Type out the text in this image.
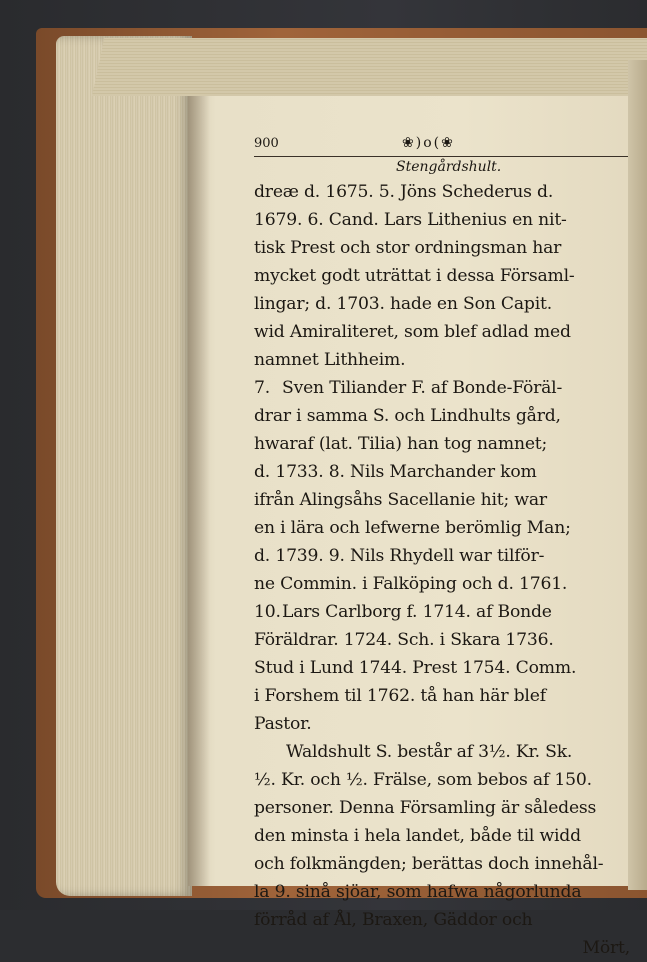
900	❀)o(❀
Stengårdshult.
dreæ d. 1675. 5. Jöns Schederus d.
1679. 6. Cand. Lars Lithenius en nit-
tisk Prest och stor ordningsman har
mycket godt uträttat i dessa Församl-
lingar; d. 1703. hade en Son Capit.
wid Amiraliteret, som blef adlad med
namnet Lithheim.
7. Sven Tiliander F. af Bonde-Föräl-
drar i samma S. och Lindhults gård,
hwaraf (lat. Tilia) han tog namnet;
d. 1733. 8. Nils Marchander kom
ifrån Alingsåhs Sacellanie hit; war
en i lära och lefwerne berömlig Man;
d. 1739. 9. Nils Rhydell war tilför-
ne Commin. i Falköping och d. 1761.
10.Lars Carlborg f. 1714. af Bonde
Föräldrar. 1724. Sch. i Skara 1736.
Stud i Lund 1744. Prest 1754. Comm.
i Forshem til 1762. tå han här blef
Pastor.
Waldshult S. består af 3½. Kr. Sk.
½. Kr. och ½. Frälse, som bebos af 150.
personer. Denna Församling är såledess
den minsta i hela landet, både til widd
och folkmängden; berättas doch innehål-
la 9. sinå sjöar, som hafwa någorlunda
förråd af Ål, Braxen, Gäddor och
Mört,
